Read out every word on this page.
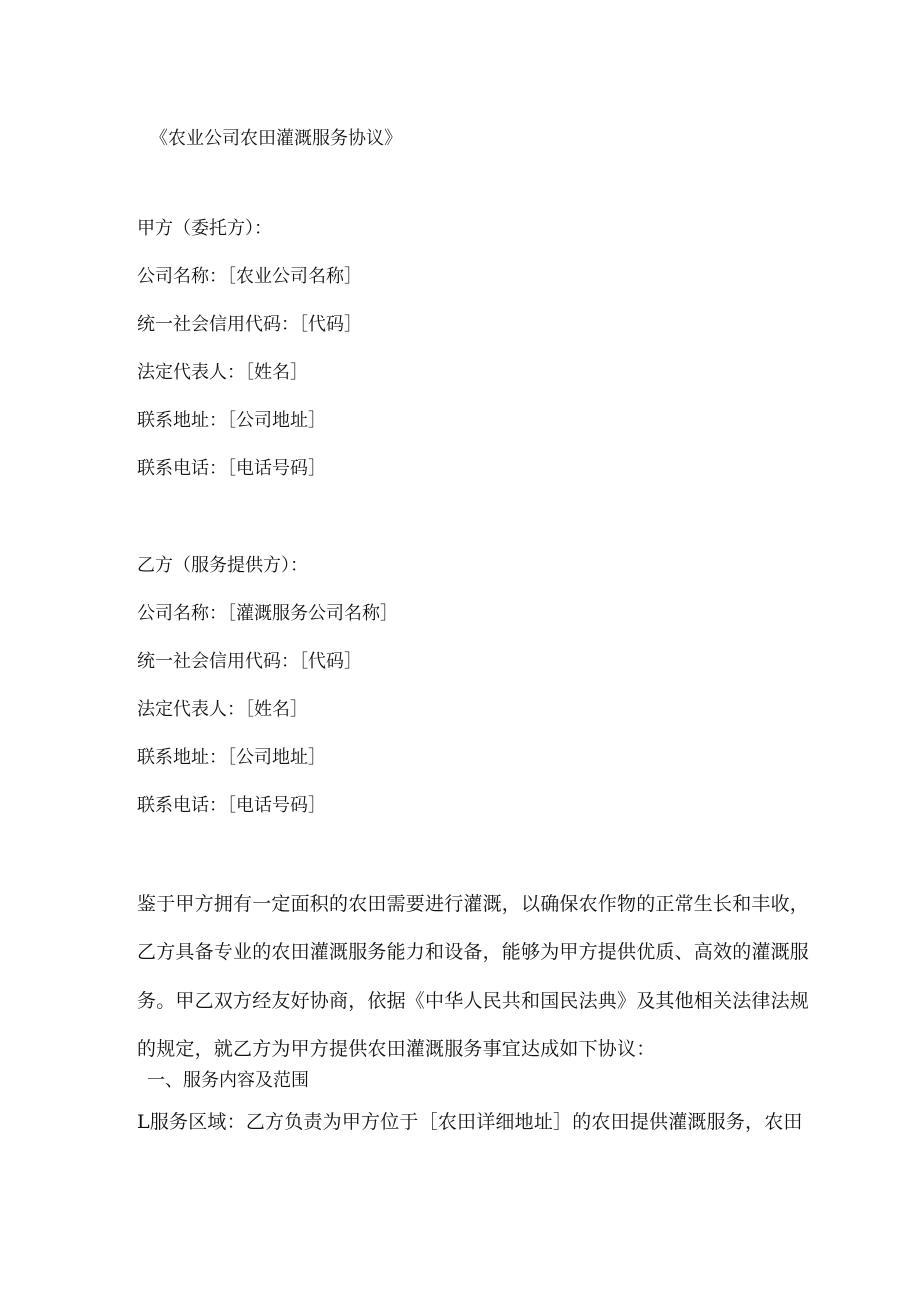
《农业公司农田灌溉服务协议》
甲方（委托方）：
公司名称：［农业公司名称］
统一社会信用代码：［代码］
法定代表人：［姓名］
联系地址：［公司地址］
联系电话：［电话号码］
乙方（服务提供方）：
公司名称：［灌溉服务公司名称］
统一社会信用代码：［代码］
法定代表人：［姓名］
联系地址：［公司地址］
联系电话：［电话号码］
鉴于甲方拥有一定面积的农田需要进行灌溉，以确保农作物的正常生长和丰收，
乙方具备专业的农田灌溉服务能力和设备，能够为甲方提供优质、高效的灌溉服
务。甲乙双方经友好协商，依据《中华人民共和国民法典》及其他相关法律法规
的规定，就乙方为甲方提供农田灌溉服务事宜达成如下协议：
一、服务内容及范围
L服务区域：乙方负责为甲方位于［农田详细地址］的农田提供灌溉服务，农田
